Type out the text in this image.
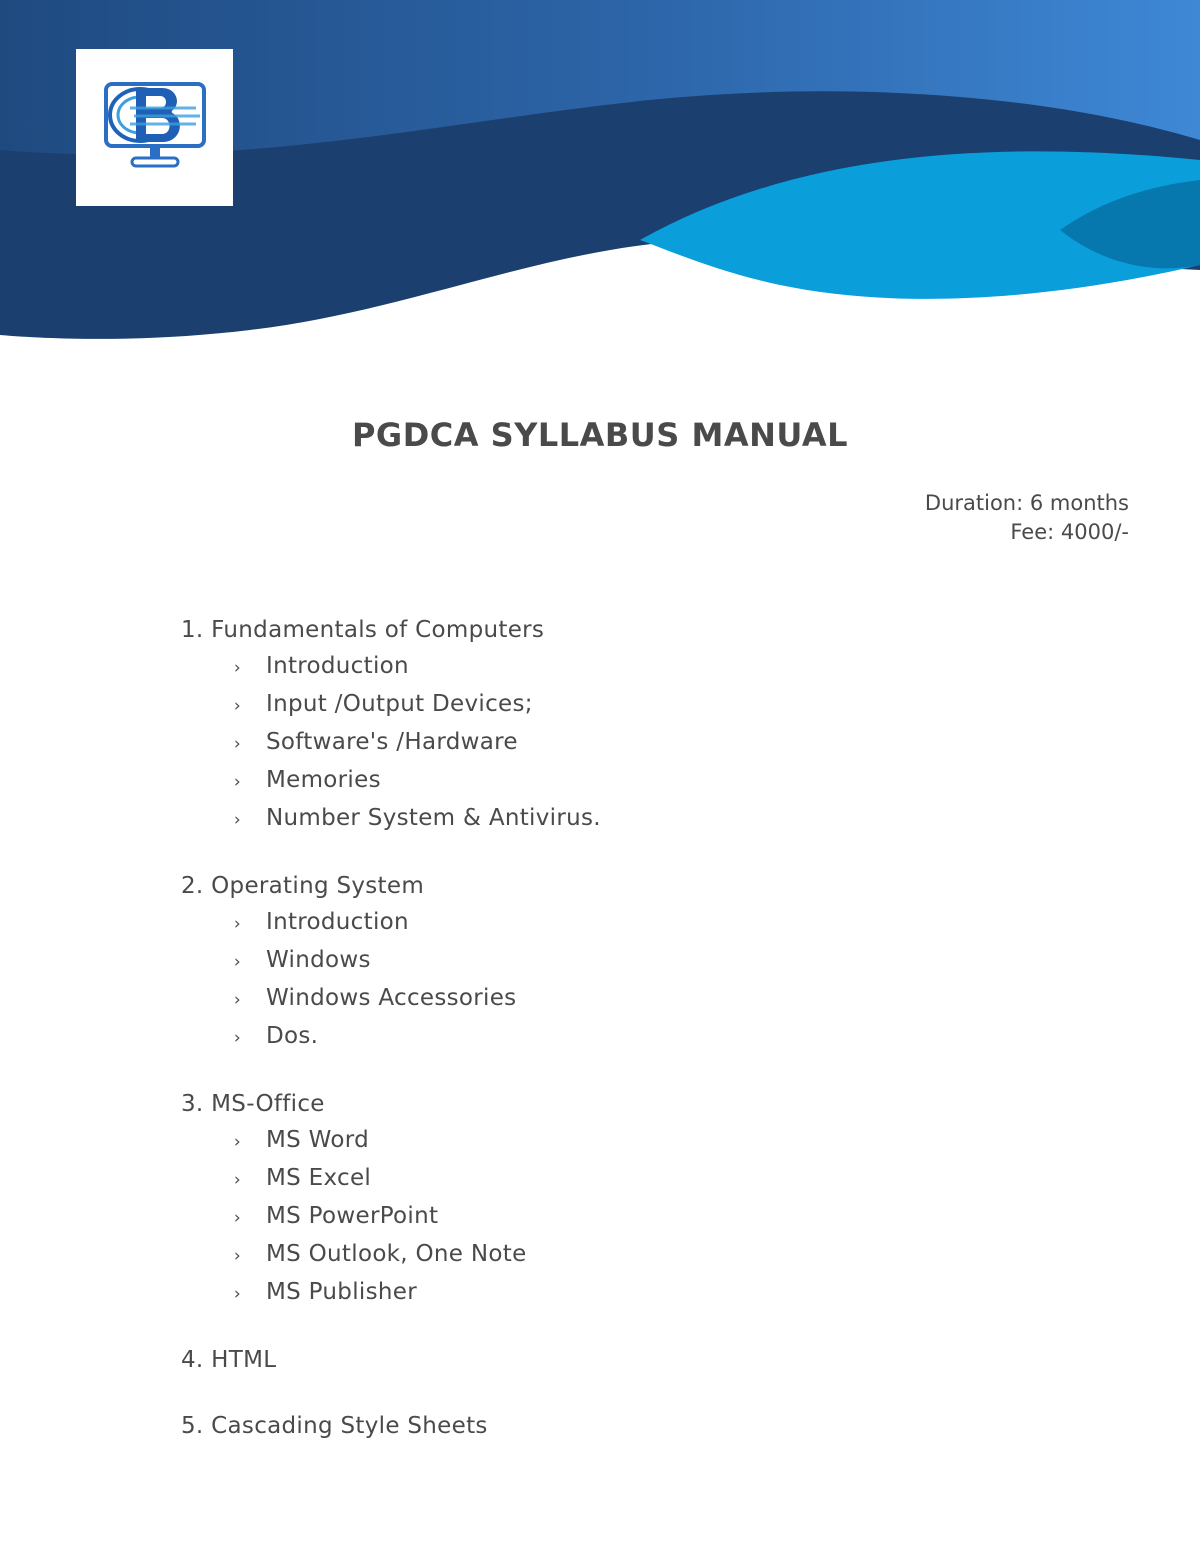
PGDCA SYLLABUS MANUAL
Duration: 6 months
Fee: 4000/-
1. Fundamentals of Computers
›	Introduction
›	Input /Output Devices;
›	Software's /Hardware
›	Memories
›	Number System & Antivirus.
2. Operating System
›	Introduction
›	Windows
›	Windows Accessories
›	Dos.
3. MS-Office
›	MS Word
›	MS Excel
›	MS PowerPoint
›	MS Outlook, One Note
›	MS Publisher
4. HTML
5. Cascading Style Sheets
